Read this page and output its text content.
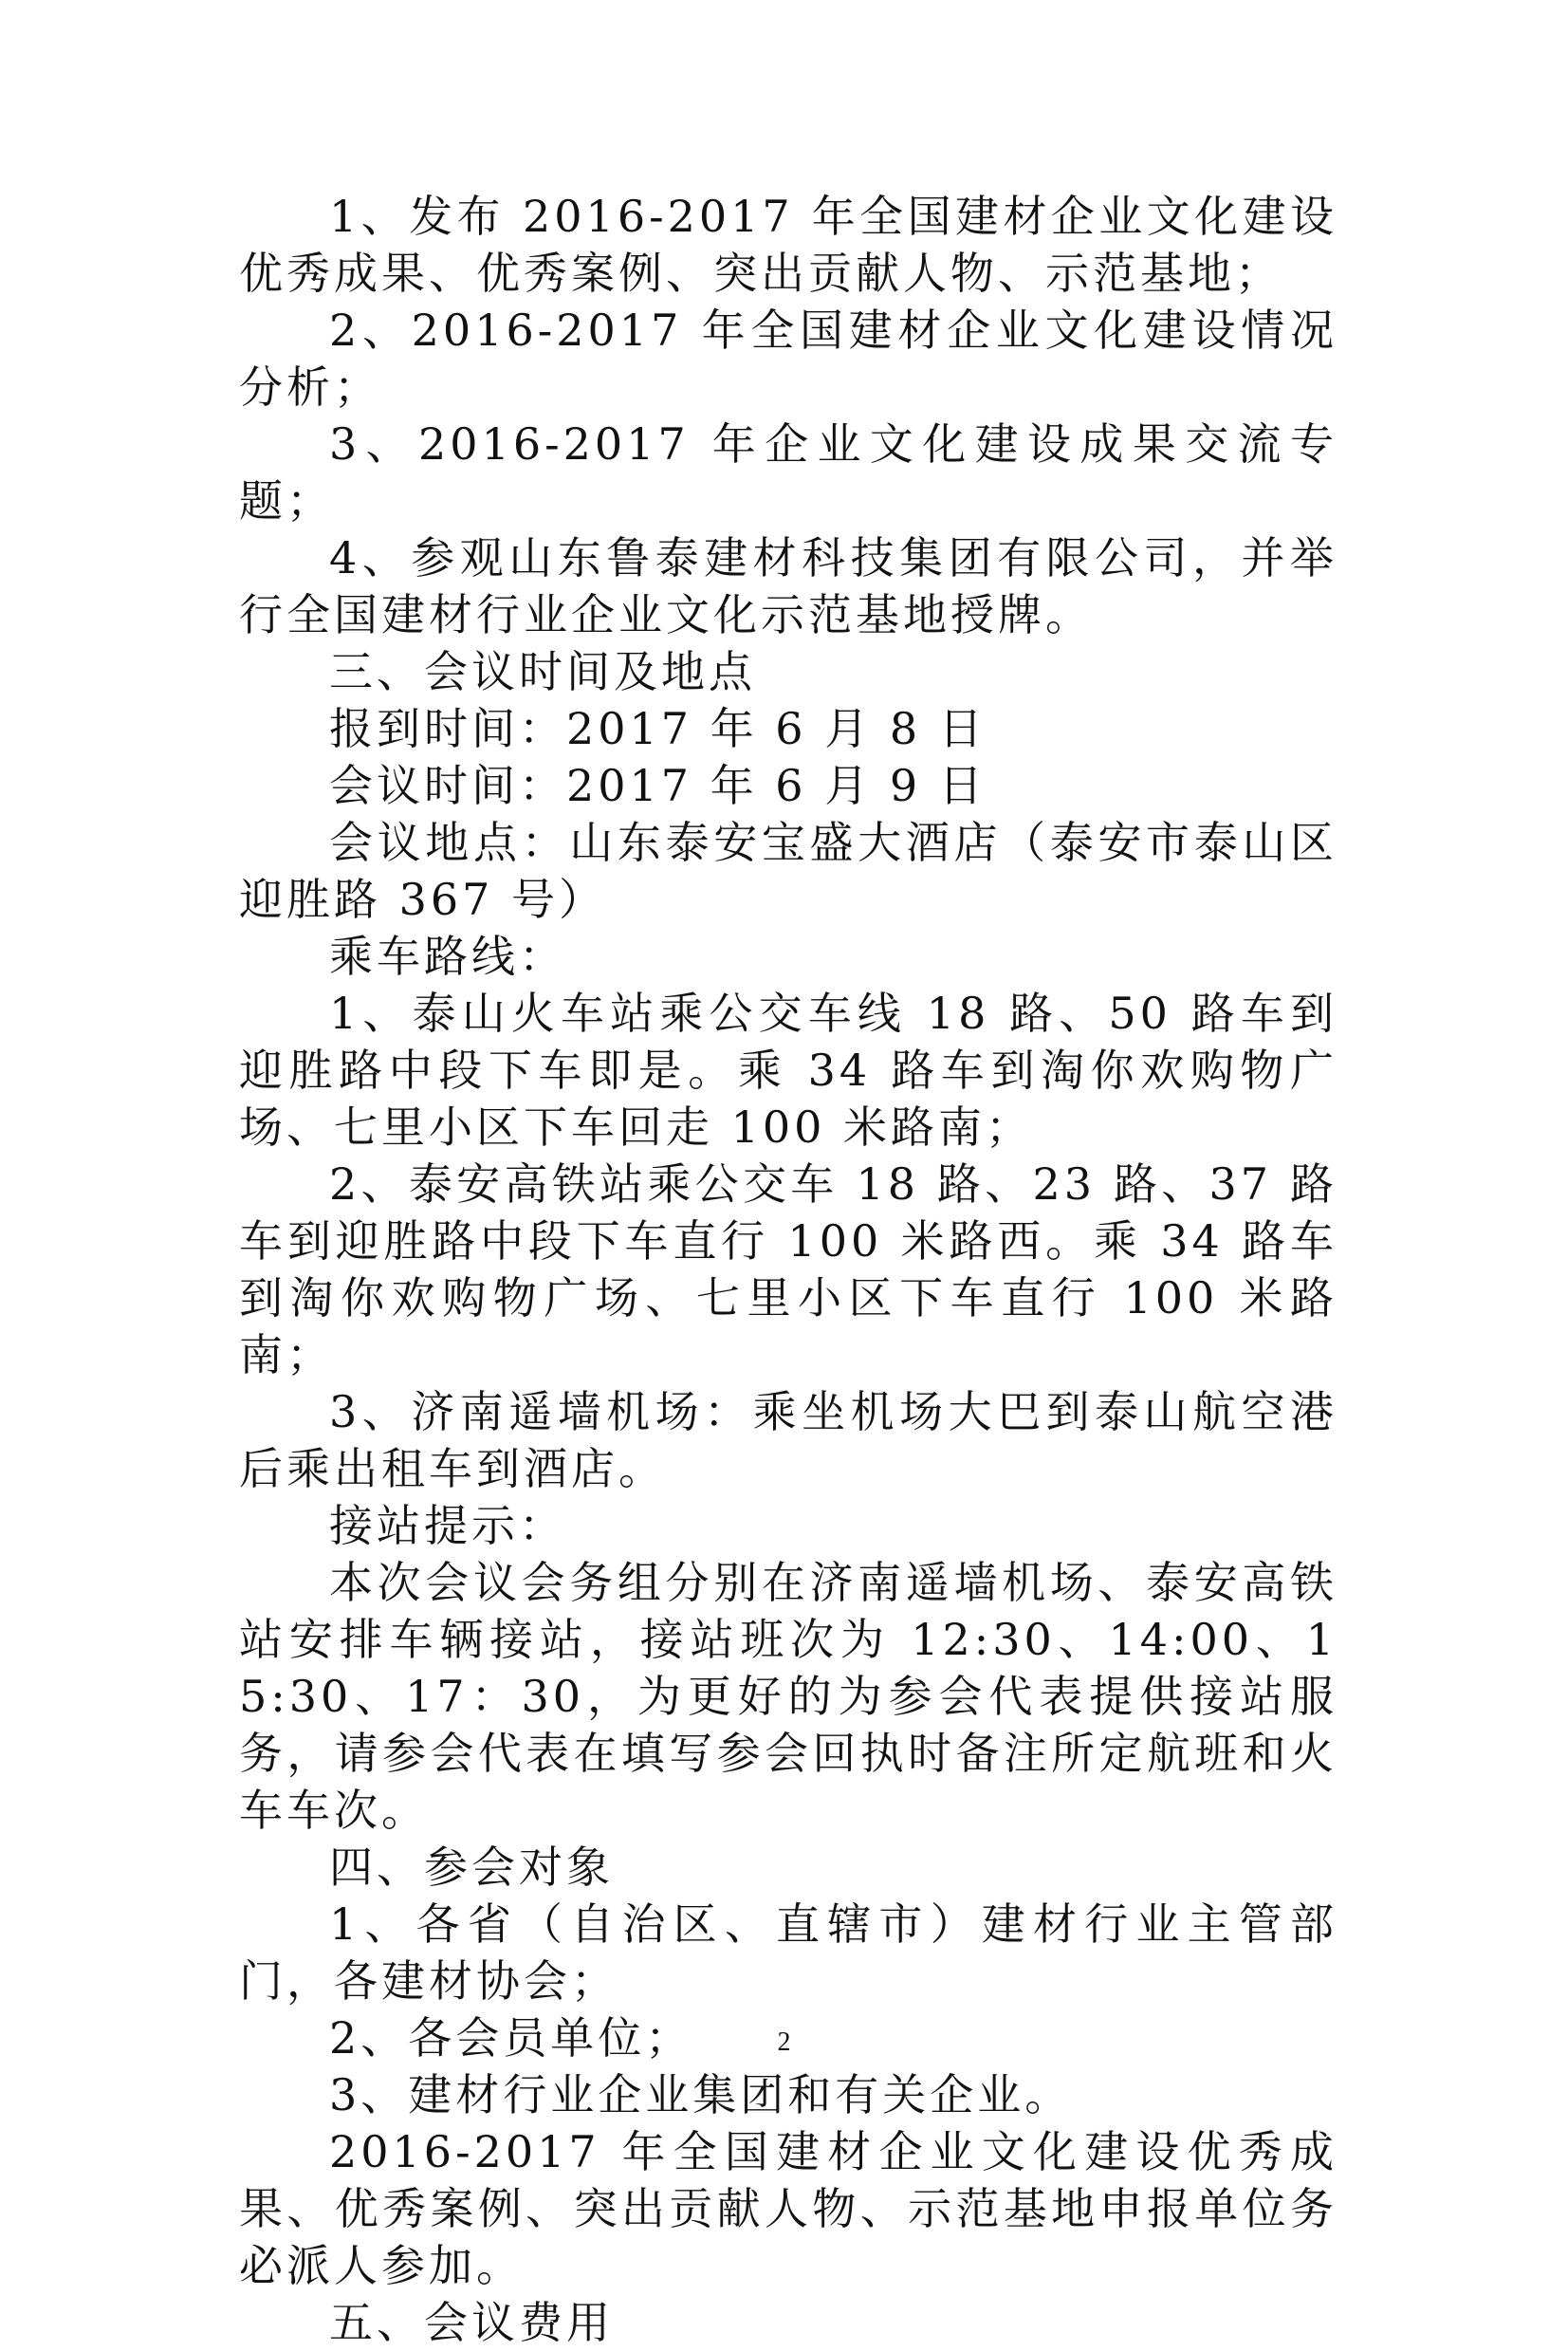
1、发布 2016-2017 年全国建材企业文化建设优秀成果、优秀案例、突出贡献人物、示范基地；

2、2016-2017 年全国建材企业文化建设情况分析；

3、2016-2017 年企业文化建设成果交流专题；

4、参观山东鲁泰建材科技集团有限公司，并举行全国建材行业企业文化示范基地授牌。

三、会议时间及地点

报到时间：2017 年 6 月 8 日

会议时间：2017 年 6 月 9 日

会议地点：山东泰安宝盛大酒店（泰安市泰山区迎胜路 367 号）

乘车路线：

1、泰山火车站乘公交车线 18 路、50 路车到迎胜路中段下车即是。乘 34 路车到淘你欢购物广场、七里小区下车回走 100 米路南；

2、泰安高铁站乘公交车 18 路、23 路、37 路车到迎胜路中段下车直行 100 米路西。乘 34 路车到淘你欢购物广场、七里小区下车直行 100 米路南；

3、济南遥墙机场：乘坐机场大巴到泰山航空港后乘出租车到酒店。

接站提示：

本次会议会务组分别在济南遥墙机场、泰安高铁站安排车辆接站，接站班次为 12:30、14:00、15:30、17：30，为更好的为参会代表提供接站服务，请参会代表在填写参会回执时备注所定航班和火车车次。

四、参会对象

1、各省（自治区、直辖市）建材行业主管部门，各建材协会；

2、各会员单位；

3、建材行业企业集团和有关企业。

2016-2017 年全国建材企业文化建设优秀成果、优秀案例、突出贡献人物、示范基地申报单位务必派人参加。

五、会议费用

2
